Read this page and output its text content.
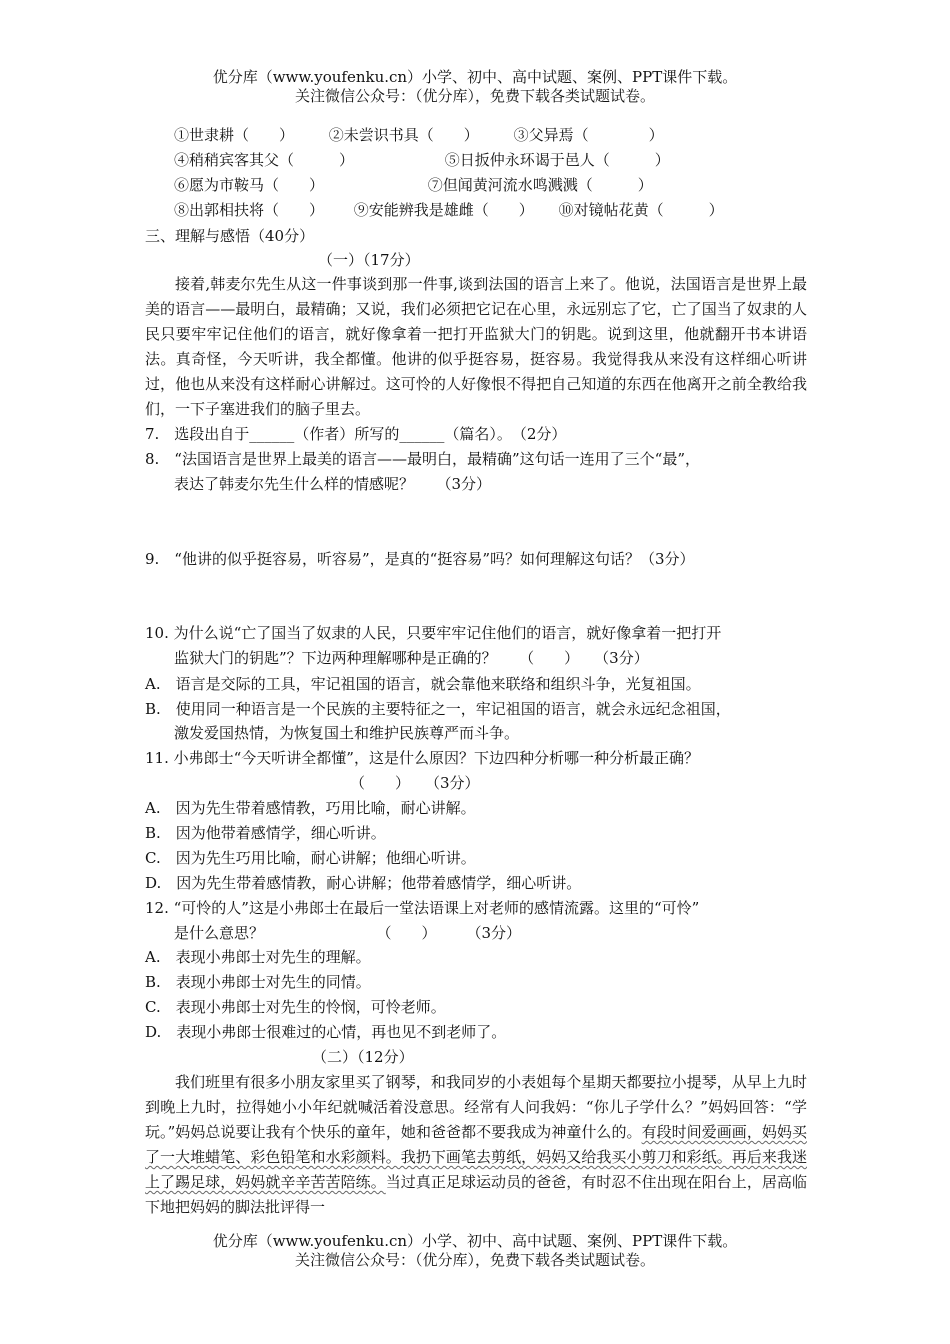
优分库（www.youfenku.cn）小学、初中、高中试题、案例、PPT课件下载。
关注微信公众号：（优分库），免费下载各类试题试卷。
①世隶耕（　　） ②未尝识书具（　　） ③父异焉（　　　　）
④稍稍宾客其父（　　　）	⑤日扳仲永环谒于邑人（　　　）
⑥愿为市鞍马（　　）	⑦但闻黄河流水鸣溅溅（　　　）
⑧出郭相扶将（　　） ⑨安能辨我是雄雌（　　） ⑩对镜帖花黄（　　　）
三、理解与感悟（40分）
（一）（17分）
接着,韩麦尔先生从这一件事谈到那一件事,谈到法国的语言上来了。他说，法国语言是世界上最美的语言——最明白，最精确；又说，我们必须把它记在心里，永远别忘了它，亡了国当了奴隶的人民只要牢牢记住他们的语言，就好像拿着一把打开监狱大门的钥匙。说到这里，他就翻开书本讲语法。真奇怪，今天听讲，我全都懂。他讲的似乎挺容易，挺容易。我觉得我从来没有这样细心听讲过，他也从来没有这样耐心讲解过。这可怜的人好像恨不得把自己知道的东西在他离开之前全教给我们，一下子塞进我们的脑子里去。
7.　选段出自于______（作者）所写的______（篇名）。　（2分）
8.　“法国语言是世界上最美的语言——最明白，最精确”这句话一连用了三个“最”，
表达了韩麦尔先生什么样的情感呢？　　（3分）
9.　“他讲的似乎挺容易，听容易”，是真的“挺容易”吗？如何理解这句话？（3分）
10. 为什么说“亡了国当了奴隶的人民，只要牢牢记住他们的语言，就好像拿着一把打开
监狱大门的钥匙”？下边两种理解哪种是正确的？　　（　　）　　（3分）
A.　语言是交际的工具，牢记祖国的语言，就会靠他来联络和组织斗争，光复祖国。
B.　使用同一种语言是一个民族的主要特征之一，牢记祖国的语言，就会永远纪念祖国，
激发爱国热情，为恢复国土和维护民族尊严而斗争。
11. 小弗郎士“今天听讲全都懂”，这是什么原因？下边四种分析哪一种分析最正确？
（　　）　　（3分）
A.　因为先生带着感情教，巧用比喻，耐心讲解。
B.　因为他带着感情学，细心听讲。
C.　因为先生巧用比喻，耐心讲解；他细心听讲。
D.　因为先生带着感情教，耐心讲解；他带着感情学，细心听讲。
12. “可怜的人”这是小弗郎士在最后一堂法语课上对老师的感情流露。这里的“可怜”
是什么意思？　　　　　　　　（　　）　　　（3分）
A.　表现小弗郎士对先生的理解。
B.　表现小弗郎士对先生的同情。
C.　表现小弗郎士对先生的怜悯，可怜老师。
D.　表现小弗郎士很难过的心情，再也见不到老师了。
（二）（12分）
我们班里有很多小朋友家里买了钢琴，和我同岁的小表姐每个星期天都要拉小提琴，从早上九时到晚上九时，拉得她小小年纪就喊活着没意思。经常有人问我妈：“你儿子学什么？”妈妈回答：“学玩。”妈妈总说要让我有个快乐的童年，她和爸爸都不要我成为神童什么的。有段时间爱画画，妈妈买了一大堆蜡笔、彩色铅笔和水彩颜料。我扔下画笔去剪纸，妈妈又给我买小剪刀和彩纸。再后来我迷上了踢足球，妈妈就辛辛苦苦陪练。当过真正足球运动员的爸爸，有时忍不住出现在阳台上，居高临下地把妈妈的脚法批评得一
优分库（www.youfenku.cn）小学、初中、高中试题、案例、PPT课件下载。
关注微信公众号：（优分库），免费下载各类试题试卷。
